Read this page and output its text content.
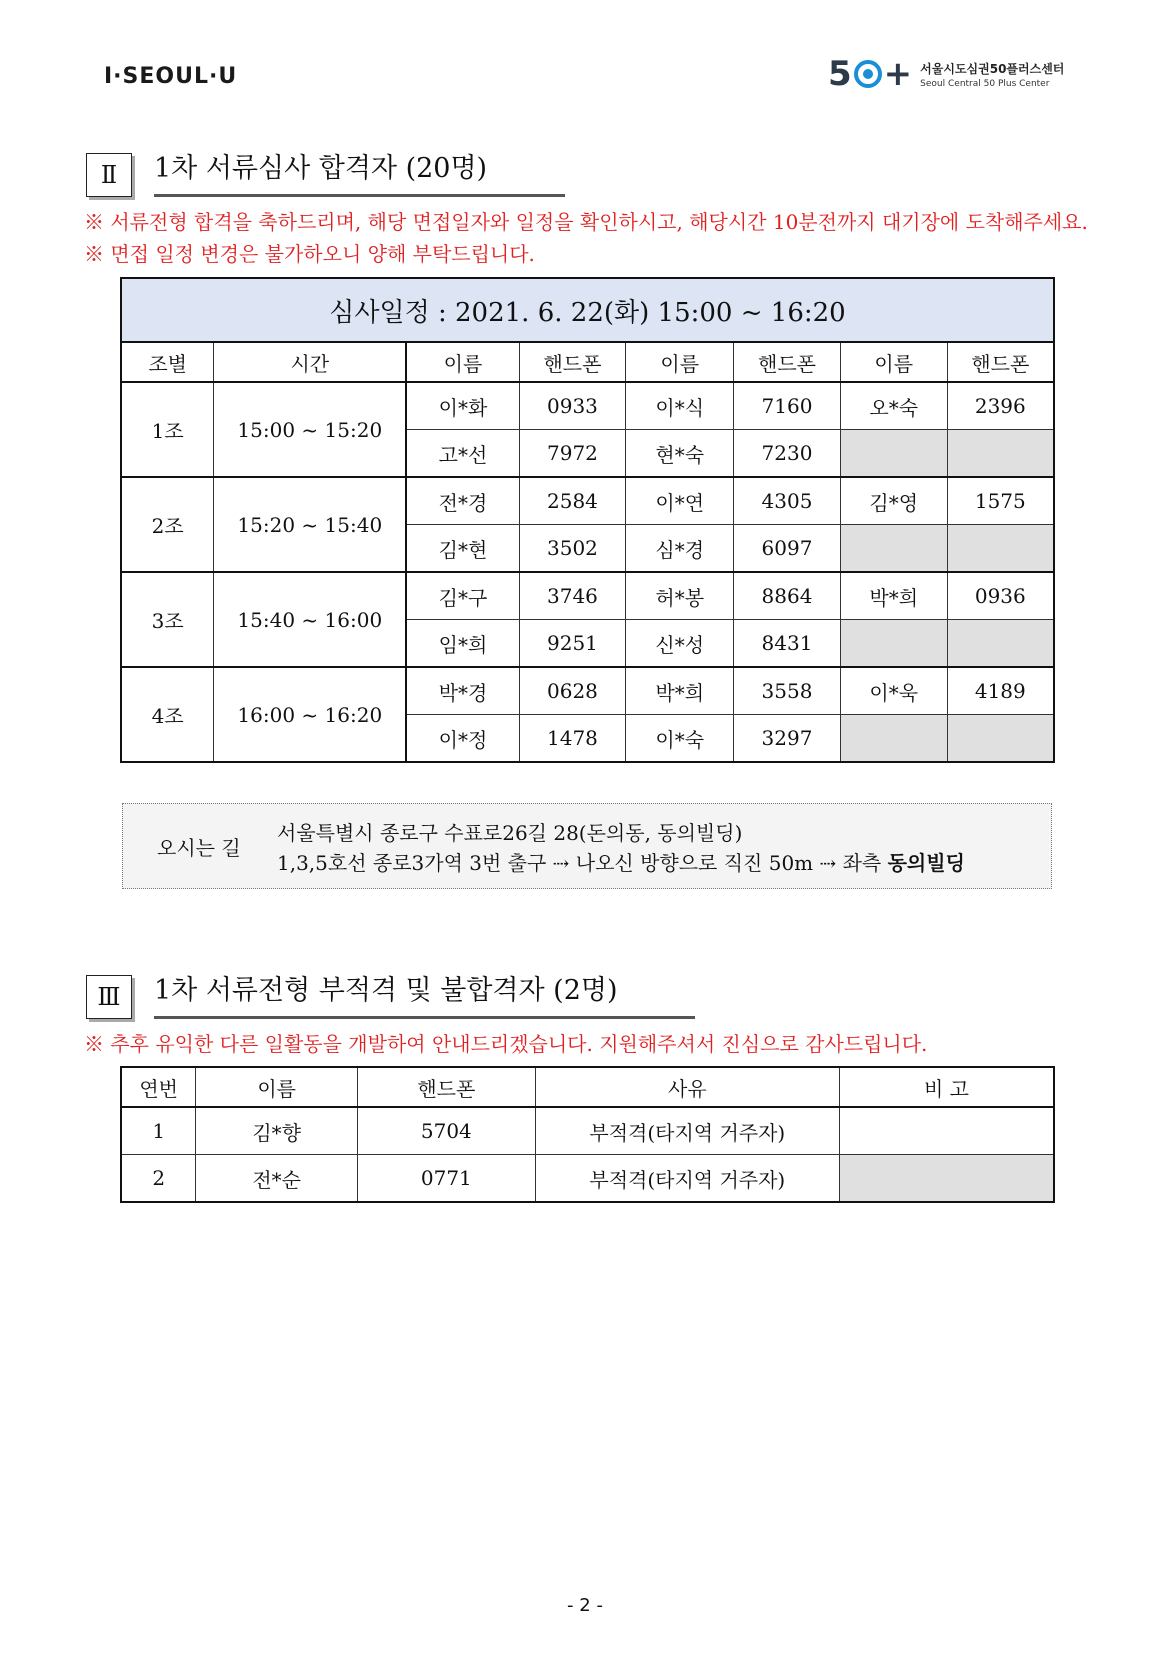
I·SEOUL·U	5 + 서울시도심권50플러스센터
Seoul Central 50 Plus Center
Ⅱ	1차 서류심사 합격자 (20명)
※ 서류전형 합격을 축하드리며, 해당 면접일자와 일정을 확인하시고, 해당시간 10분전까지 대기장에 도착해주세요.
※ 면접 일정 변경은 불가하오니 양해 부탁드립니다.
심사일정 : 2021. 6. 22(화) 15:00 ~ 16:20							
조별	시간	이름	핸드폰	이름	핸드폰	이름	핸드폰
1조	15:00 ~ 15:20	이*화	0933	이*식	7160	오*숙	2396
		고*선	7972	현*숙	7230		
2조	15:20 ~ 15:40	전*경	2584	이*연	4305	김*영	1575
		김*현	3502	심*경	6097		
3조	15:40 ~ 16:00	김*구	3746	허*봉	8864	박*희	0936
		임*희	9251	신*성	8431		
4조	16:00 ~ 16:20	박*경	0628	박*희	3558	이*욱	4189
		이*정	1478	이*숙	3297		
오시는 길
서울특별시 종로구 수표로26길 28(돈의동, 동의빌딩)
1,3,5호선 종로3가역 3번 출구 ⇢ 나오신 방향으로 직진 50m ⇢ 좌측 동의빌딩
Ⅲ	1차 서류전형 부적격 및 불합격자 (2명)
※ 추후 유익한 다른 일활동을 개발하여 안내드리겠습니다. 지원해주셔서 진심으로 감사드립니다.
연번	이름	핸드폰	사유	비 고
1	김*향	5704	부적격(타지역 거주자)	
2	전*순	0771	부적격(타지역 거주자)	
- 2 -
